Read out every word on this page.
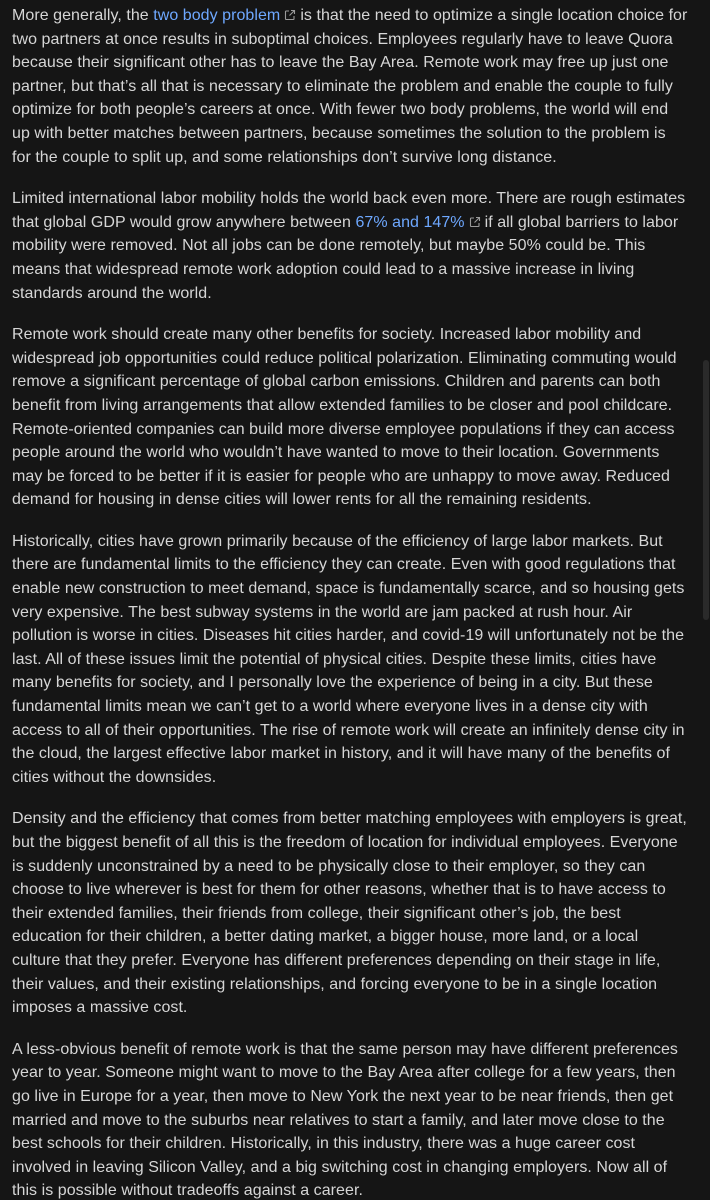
More generally, the two body problem is that the need to optimize a single location choice for two partners at once results in suboptimal choices. Employees regularly have to leave Quora because their significant other has to leave the Bay Area. Remote work may free up just one partner, but that’s all that is necessary to eliminate the problem and enable the couple to fully optimize for both people’s careers at once. With fewer two body problems, the world will end up with better matches between partners, because sometimes the solution to the problem is for the couple to split up, and some relationships don’t survive long distance.

Limited international labor mobility holds the world back even more. There are rough estimates that global GDP would grow anywhere between 67% and 147% if all global barriers to labor mobility were removed. Not all jobs can be done remotely, but maybe 50% could be. This means that widespread remote work adoption could lead to a massive increase in living standards around the world.

Remote work should create many other benefits for society. Increased labor mobility and widespread job opportunities could reduce political polarization. Eliminating commuting would remove a significant percentage of global carbon emissions. Children and parents can both benefit from living arrangements that allow extended families to be closer and pool childcare. Remote-oriented companies can build more diverse employee populations if they can access people around the world who wouldn’t have wanted to move to their location. Governments may be forced to be better if it is easier for people who are unhappy to move away. Reduced demand for housing in dense cities will lower rents for all the remaining residents.

Historically, cities have grown primarily because of the efficiency of large labor markets. But there are fundamental limits to the efficiency they can create. Even with good regulations that enable new construction to meet demand, space is fundamentally scarce, and so housing gets very expensive. The best subway systems in the world are jam packed at rush hour. Air pollution is worse in cities. Diseases hit cities harder, and covid-19 will unfortunately not be the last. All of these issues limit the potential of physical cities. Despite these limits, cities have many benefits for society, and I personally love the experience of being in a city. But these fundamental limits mean we can’t get to a world where everyone lives in a dense city with access to all of their opportunities. The rise of remote work will create an infinitely dense city in the cloud, the largest effective labor market in history, and it will have many of the benefits of cities without the downsides.

Density and the efficiency that comes from better matching employees with employers is great, but the biggest benefit of all this is the freedom of location for individual employees. Everyone is suddenly unconstrained by a need to be physically close to their employer, so they can choose to live wherever is best for them for other reasons, whether that is to have access to their extended families, their friends from college, their significant other’s job, the best education for their children, a better dating market, a bigger house, more land, or a local culture that they prefer. Everyone has different preferences depending on their stage in life, their values, and their existing relationships, and forcing everyone to be in a single location imposes a massive cost.

A less-obvious benefit of remote work is that the same person may have different preferences year to year. Someone might want to move to the Bay Area after college for a few years, then go live in Europe for a year, then move to New York the next year to be near friends, then get married and move to the suburbs near relatives to start a family, and later move close to the best schools for their children. Historically, in this industry, there was a huge career cost involved in leaving Silicon Valley, and a big switching cost in changing employers. Now all of this is possible without tradeoffs against a career.
